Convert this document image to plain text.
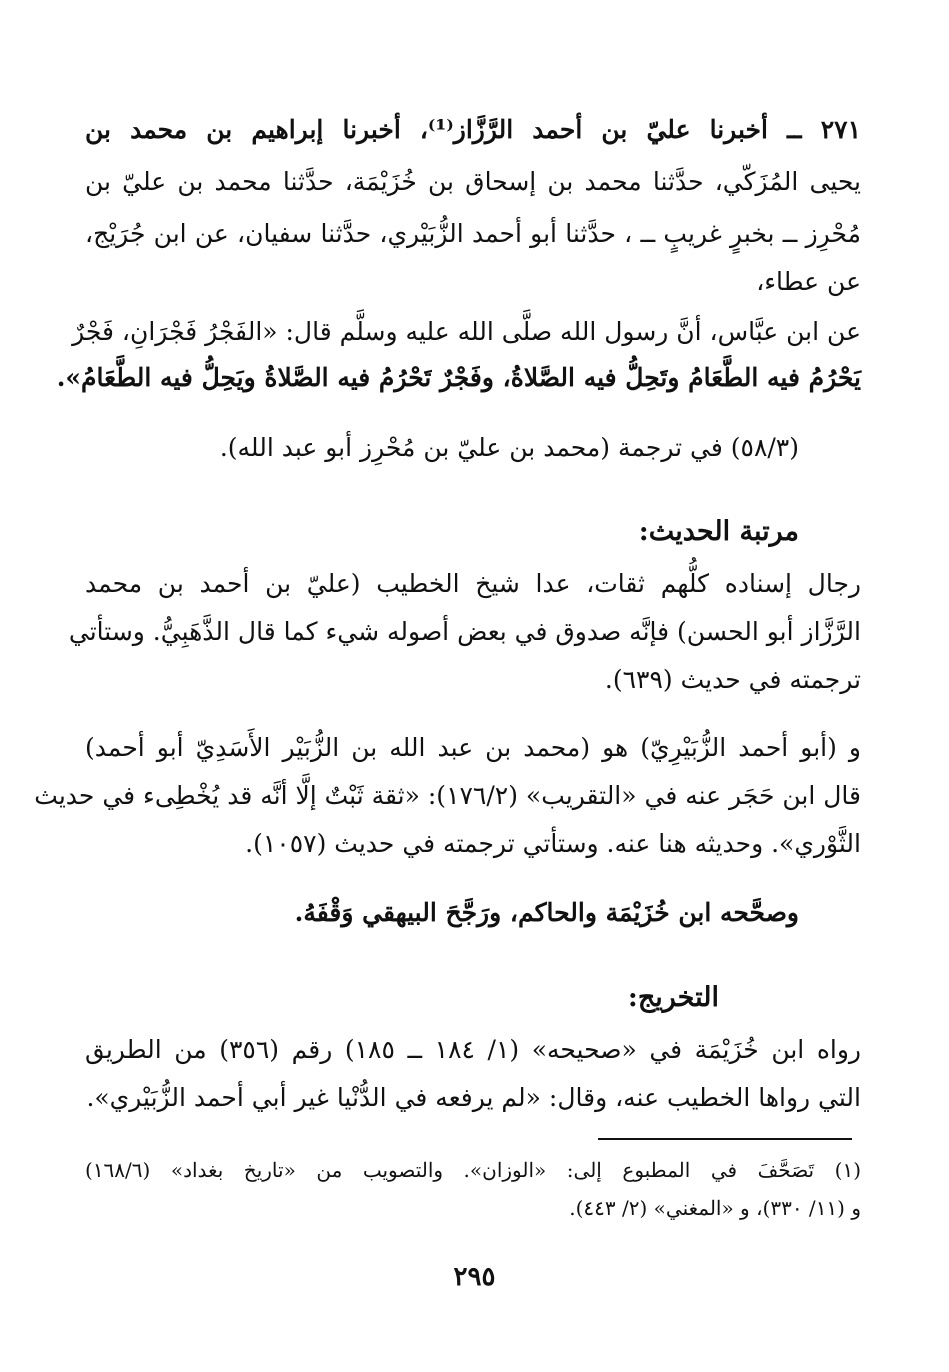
٢٧١ ــ أخبرنا عليّ بن أحمد الرَّزَّاز⁽¹⁾، أخبرنا إبراهيم بن محمد بن
يحيى المُزَكّي، حدَّثنا محمد بن إسحاق بن خُزَيْمَة، حدَّثنا محمد بن عليّ بن
مُحْرِز ــ بخبرٍ غريبٍ ــ ، حدَّثنا أبو أحمد الزُّبَيْري، حدَّثنا سفيان، عن ابن جُرَيْج،
عن عطاء،
عن ابن عبَّاس، أنَّ رسول الله صلَّى الله عليه وسلَّم قال: «الفَجْرُ فَجْرَانِ، فَجْرٌ
يَحْرُمُ فيه الطَّعَامُ وتَحِلُّ فيه الصَّلاةُ، وفَجْرٌ تَحْرُمُ فيه الصَّلاةُ ويَحِلُّ فيه الطَّعَامُ».
(٥٨/٣) في ترجمة (محمد بن عليّ بن مُحْرِز أبو عبد الله).
مرتبة الحديث:
رجال إسناده كلُّهم ثقات، عدا شيخ الخطيب (عليّ بن أحمد بن محمد
الرَّزَّاز أبو الحسن) فإنَّه صدوق في بعض أصوله شيء كما قال الذَّهَبِيُّ. وستأتي
ترجمته في حديث (٦٣٩).
و (أبو أحمد الزُّبَيْرِيّ) هو (محمد بن عبد الله بن الزُّبَيْر الأَسَدِيّ أبو أحمد)
قال ابن حَجَر عنه في «التقريب» (١٧٦/٢): «ثقة ثَبْتٌ إلَّا أنَّه قد يُخْطِىء في حديث
الثَّوْري». وحديثه هنا عنه. وستأتي ترجمته في حديث (١٠٥٧).
وصحَّحه ابن خُزَيْمَة والحاكم، ورَجَّحَ البيهقي وَقْفَهُ.
التخريج:
رواه ابن خُزَيْمَة في «صحيحه» (١/ ١٨٤ ــ ١٨٥) رقم (٣٥٦) من الطريق
التي رواها الخطيب عنه، وقال: «لم يرفعه في الدُّنْيا غير أبي أحمد الزُّبَيْري».
(١) تَصَحَّفَ في المطبوع إلى: «الوزان». والتصويب من «تاريخ بغداد» (١٦٨/٦)
و (١١/ ٣٣٠)، و «المغني» (٢/ ٤٤٣).
٢٩٥
